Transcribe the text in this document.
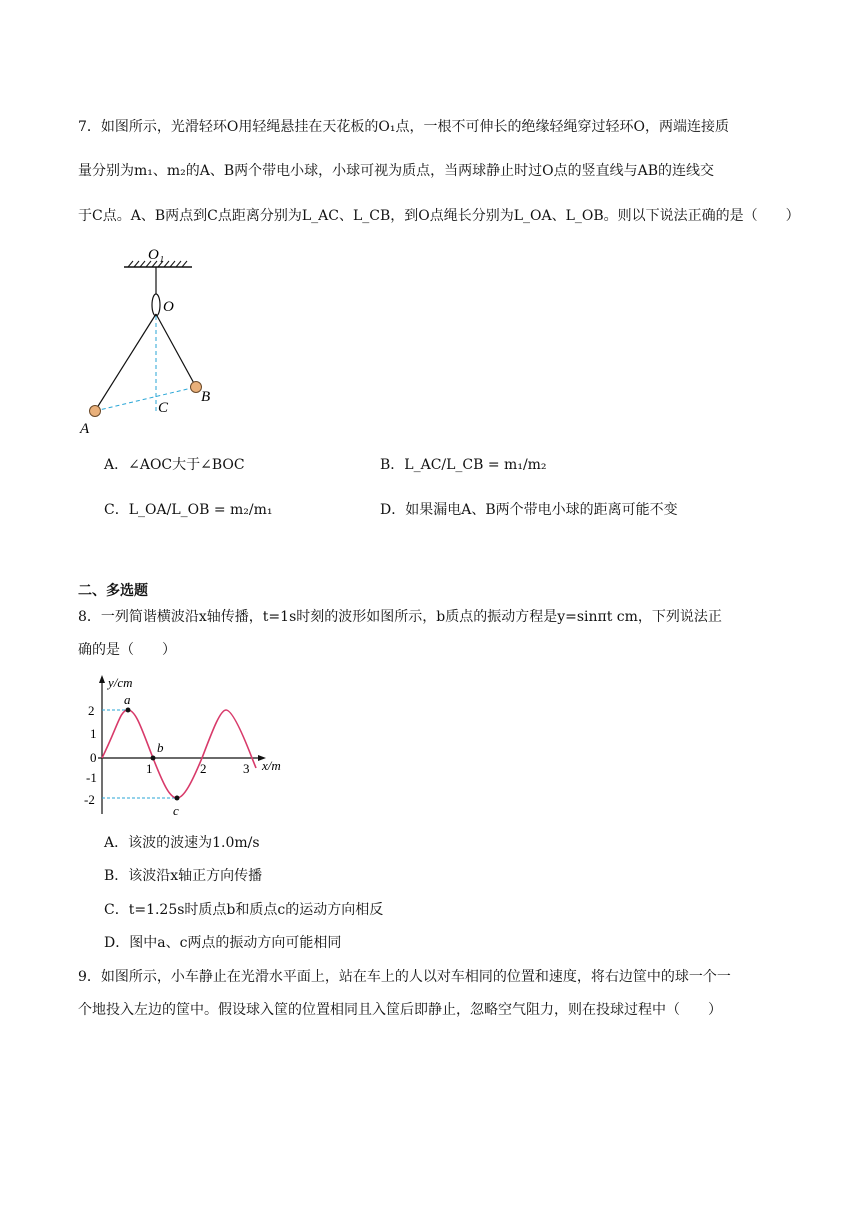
7．如图所示，光滑轻环O用轻绳悬挂在天花板的O₁点，一根不可伸长的绝缘轻绳穿过轻环O，两端连接质
量分别为m₁、m₂的A、B两个带电小球，小球可视为质点，当两球静止时过O点的竖直线与AB的连线交
于C点。A、B两点到C点距离分别为L_AC、L_CB，到O点绳长分别为L_OA、L_OB。则以下说法正确的是（　　）
O₁
O
A
B
C
A．∠AOC大于∠BOC	B．L_AC/L_CB = m₁/m₂
C．L_OA/L_OB = m₂/m₁	D．如果漏电A、B两个带电小球的距离可能不变
二、多选题
8．一列简谐横波沿x轴传播，t=1s时刻的波形如图所示，b质点的振动方程是y=sinπt cm，下列说法正
确的是（　　）
y/cm
x/m
2
1
0
-1
-2
1	2	3
a
b
c
A．该波的波速为1.0m/s
B．该波沿x轴正方向传播
C．t=1.25s时质点b和质点c的运动方向相反
D．图中a、c两点的振动方向可能相同
9．如图所示，小车静止在光滑水平面上，站在车上的人以对车相同的位置和速度，将右边筐中的球一个一
个地投入左边的筐中。假设球入筐的位置相同且入筐后即静止，忽略空气阻力，则在投球过程中（　　）
